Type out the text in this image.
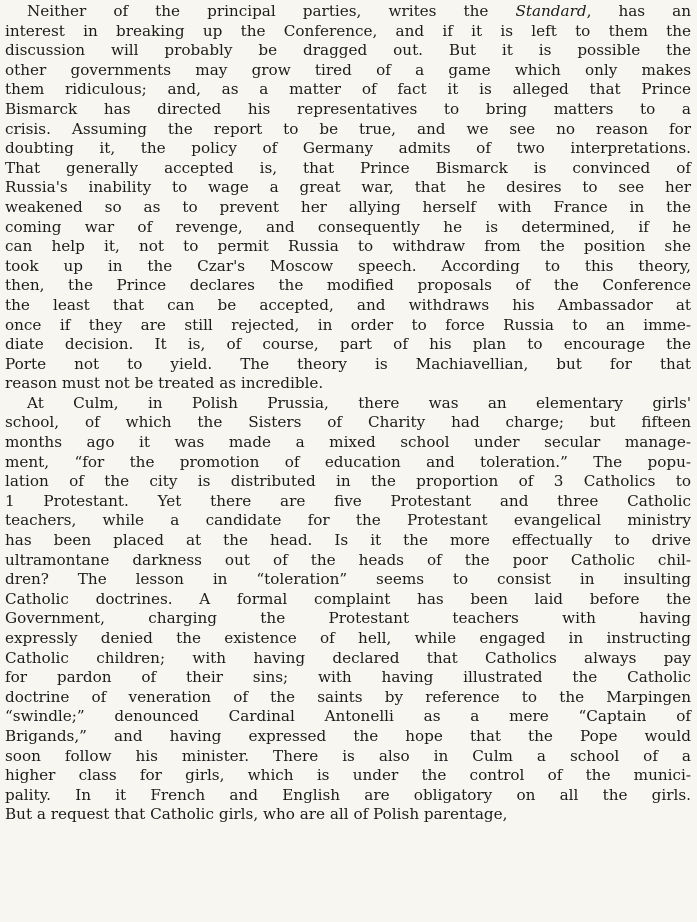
Neither of the principal parties, writes the Standard, has an
interest in breaking up the Conference, and if it is left to them the
discussion will probably be dragged out. But it is possible the
other governments may grow tired of a game which only makes
them ridiculous; and, as a matter of fact it is alleged that Prince
Bismarck has directed his representatives to bring matters to a
crisis. Assuming the report to be true, and we see no reason for
doubting it, the policy of Germany admits of two interpretations.
That generally accepted is, that Prince Bismarck is convinced of
Russia's inability to wage a great war, that he desires to see her
weakened so as to prevent her allying herself with France in the
coming war of revenge, and consequently he is determined, if he
can help it, not to permit Russia to withdraw from the position she
took up in the Czar's Moscow speech. According to this theory,
then, the Prince declares the modified proposals of the Conference
the least that can be accepted, and withdraws his Ambassador at
once if they are still rejected, in order to force Russia to an imme-
diate decision. It is, of course, part of his plan to encourage the
Porte not to yield. The theory is Machiavellian, but for that
reason must not be treated as incredible.
At Culm, in Polish Prussia, there was an elementary girls'
school, of which the Sisters of Charity had charge; but fifteen
months ago it was made a mixed school under secular manage-
ment, “for the promotion of education and toleration.” The popu-
lation of the city is distributed in the proportion of 3 Catholics to
1 Protestant. Yet there are five Protestant and three Catholic
teachers, while a candidate for the Protestant evangelical ministry
has been placed at the head. Is it the more effectually to drive
ultramontane darkness out of the heads of the poor Catholic chil-
dren? The lesson in “toleration” seems to consist in insulting
Catholic doctrines. A formal complaint has been laid before the
Government, charging the Protestant teachers with having
expressly denied the existence of hell, while engaged in instructing
Catholic children; with having declared that Catholics always pay
for pardon of their sins; with having illustrated the Catholic
doctrine of veneration of the saints by reference to the Marpingen
“swindle;” denounced Cardinal Antonelli as a mere “Captain of
Brigands,” and having expressed the hope that the Pope would
soon follow his minister. There is also in Culm a school of a
higher class for girls, which is under the control of the munici-
pality. In it French and English are obligatory on all the girls.
But a request that Catholic girls, who are all of Polish parentage,
